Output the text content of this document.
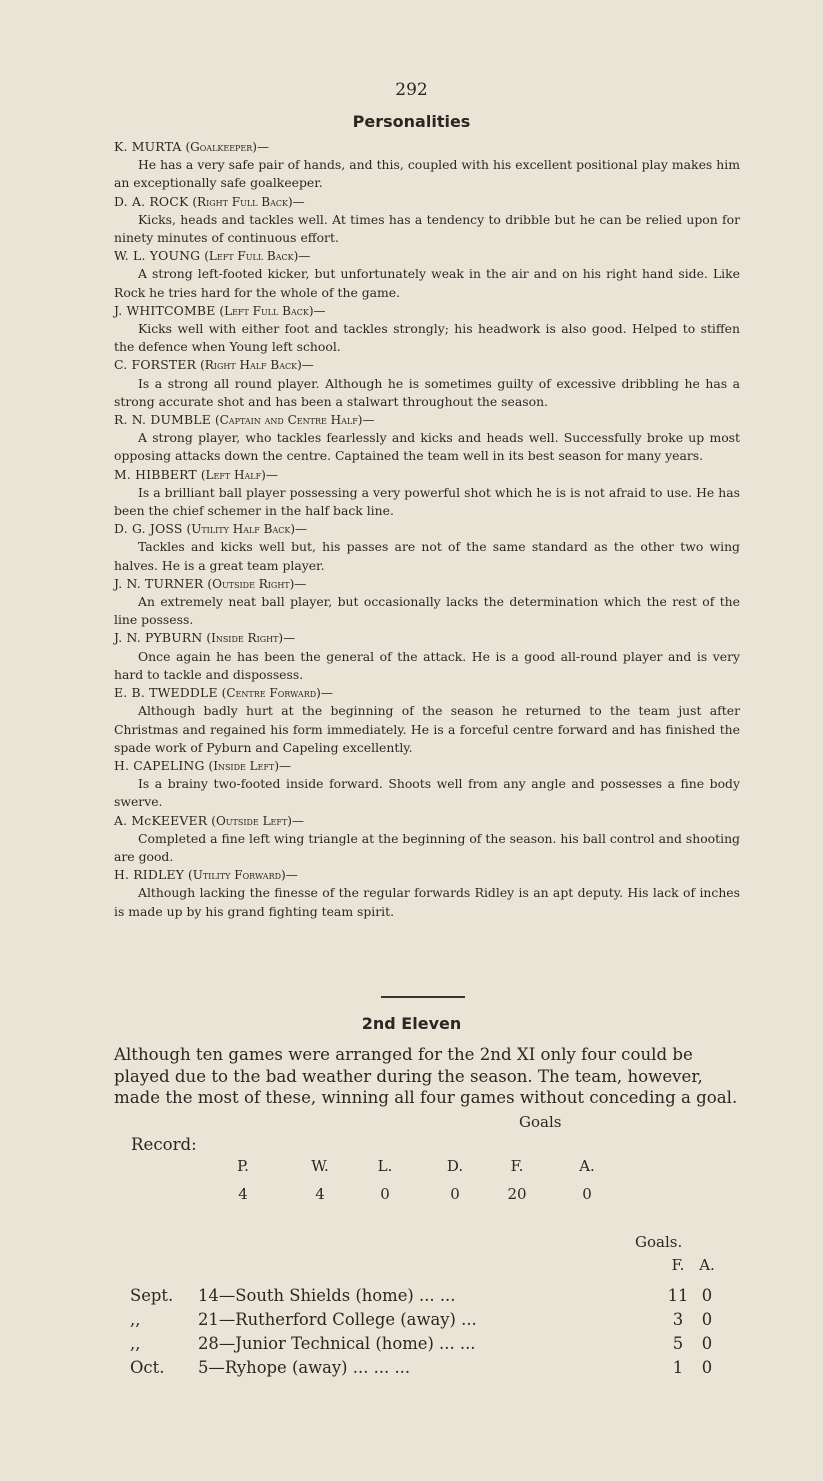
292
Personalities
K. MURTA (Goalkeeper)—
He has a very safe pair of hands, and this, coupled with his excellent positional play makes him an exceptionally safe goalkeeper.
D. A. ROCK (Right Full Back)—
Kicks, heads and tackles well. At times has a tendency to dribble but he can be relied upon for ninety minutes of continuous effort.
W. L. YOUNG (Left Full Back)—
A strong left-footed kicker, but unfortunately weak in the air and on his right hand side. Like Rock he tries hard for the whole of the game.
J. WHITCOMBE (Left Full Back)—
Kicks well with either foot and tackles strongly; his headwork is also good. Helped to stiffen the defence when Young left school.
C. FORSTER (Right Half Back)—
Is a strong all round player. Although he is sometimes guilty of excessive dribbling he has a strong accurate shot and has been a stalwart throughout the season.
R. N. DUMBLE (Captain and Centre Half)—
A strong player, who tackles fearlessly and kicks and heads well. Successfully broke up most opposing attacks down the centre. Captained the team well in its best season for many years.
M. HIBBERT (Left Half)—
Is a brilliant ball player possessing a very powerful shot which he is is not afraid to use. He has been the chief schemer in the half back line.
D. G. JOSS (Utility Half Back)—
Tackles and kicks well but, his passes are not of the same standard as the other two wing halves. He is a great team player.
J. N. TURNER (Outside Right)—
An extremely neat ball player, but occasionally lacks the determination which the rest of the line possess.
J. N. PYBURN (Inside Right)—
Once again he has been the general of the attack. He is a good all-round player and is very hard to tackle and dispossess.
E. B. TWEDDLE (Centre Forward)—
Although badly hurt at the beginning of the season he returned to the team just after Christmas and regained his form immediately. He is a forceful centre forward and has finished the spade work of Pyburn and Capeling excellently.
H. CAPELING (Inside Left)—
Is a brainy two-footed inside forward. Shoots well from any angle and possesses a fine body swerve.
A. McKEEVER (Outside Left)—
Completed a fine left wing triangle at the beginning of the season. his ball control and shooting are good.
H. RIDLEY (Utility Forward)—
Although lacking the finesse of the regular forwards Ridley is an apt deputy. His lack of inches is made up by his grand fighting team spirit.
2nd Eleven
Although ten games were arranged for the 2nd XI only four could be played due to the bad weather during the season. The team, however, made the most of these, winning all four games without conceding a goal.
Goals
Record:
P.	W.	L.	D.	F.	A.
4	4	0	0	20	0
Goals.
F. A.
Sept. 14—South Shields (home) ... ...	11 0
,,	21—Rutherford College (away) ...	3	0
,,	28—Junior Technical (home) ... ...	5	0
Oct. 5—Ryhope (away) ... ... ...	1	0
